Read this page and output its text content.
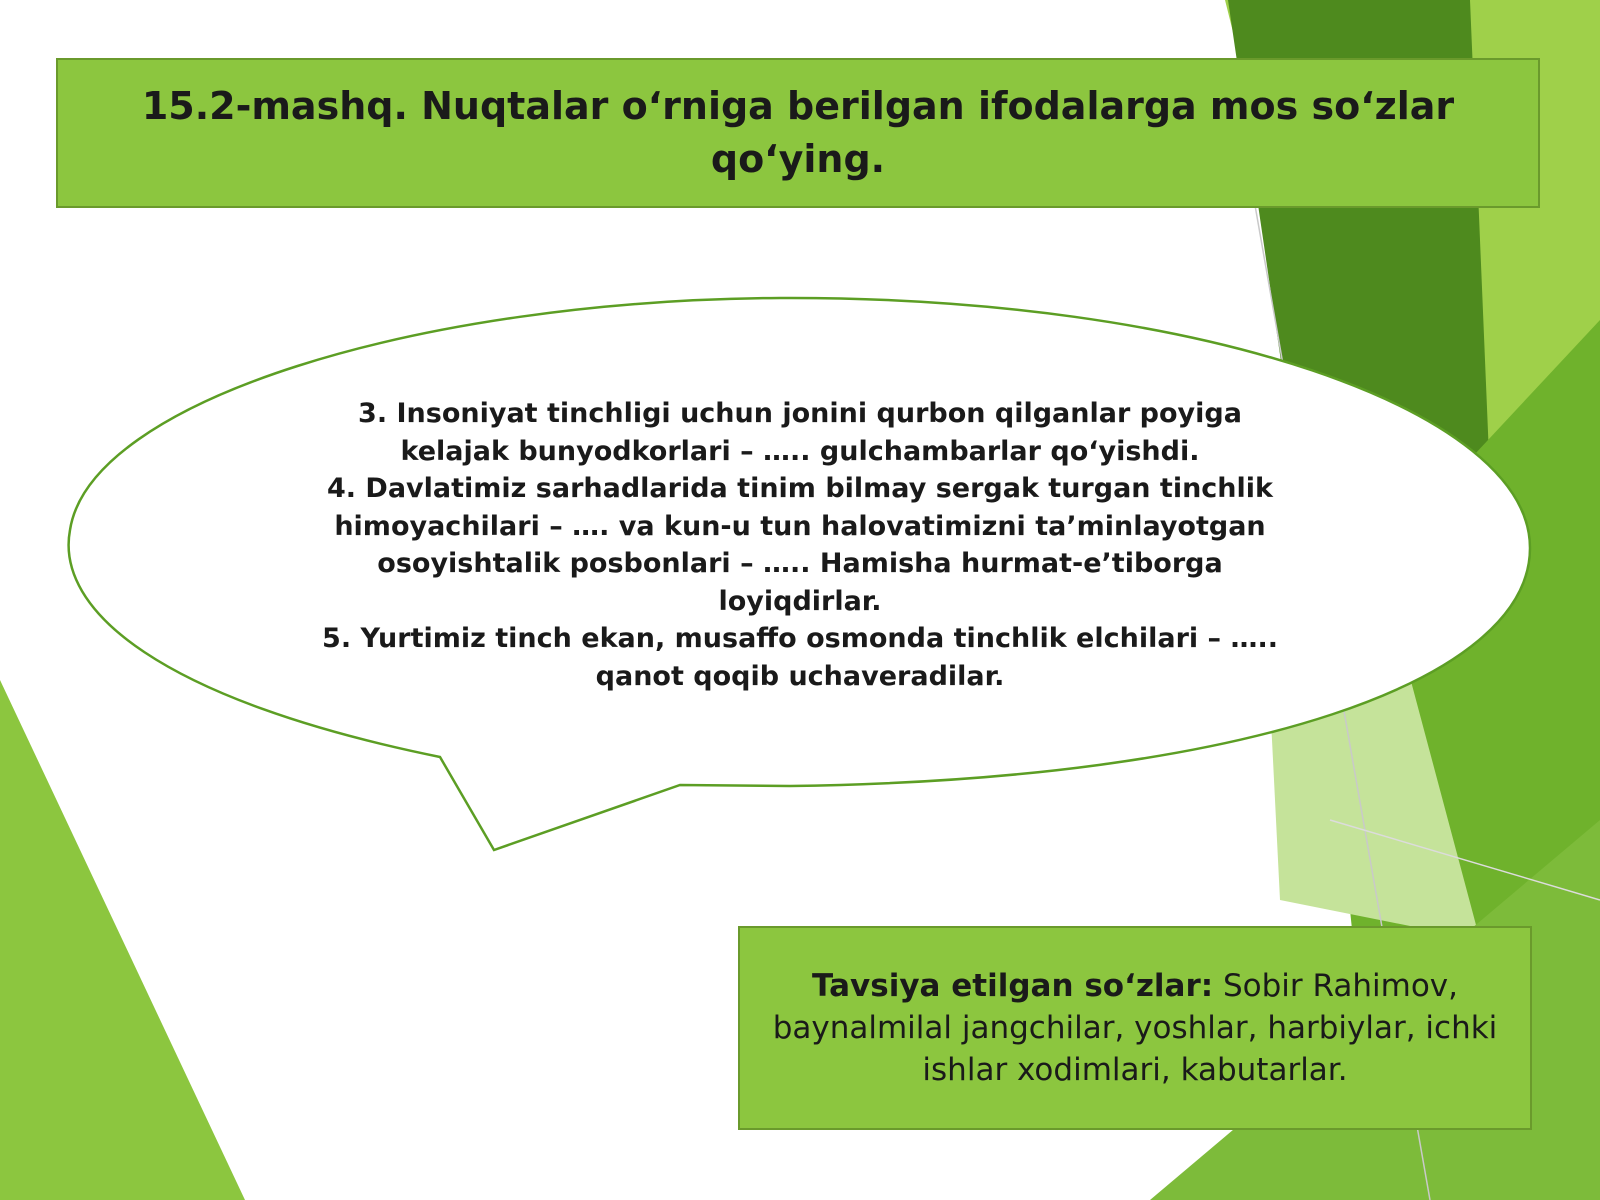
15.2-mashq. Nuqtalar o‘rniga berilgan ifodalarga mos so‘zlar qo‘ying.

3. Insoniyat tinchligi uchun jonini qurbon qilganlar poyiga kelajak bunyodkorlari – ….. gulchambarlar qo‘yishdi.

4. Davlatimiz sarhadlarida tinim bilmay sergak turgan tinchlik himoyachilari – …. va kun-u tun halovatimizni ta’minlayotgan osoyishtalik posbonlari – ….. Hamisha hurmat-e’tiborga loyiqdirlar.

5. Yurtimiz tinch ekan, musaffo osmonda tinchlik elchilari – ….. qanot qoqib uchaveradilar.

Tavsiya etilgan so‘zlar: Sobir Rahimov, baynalmilal jangchilar, yoshlar, harbiylar, ichki ishlar xodimlari, kabutarlar.
